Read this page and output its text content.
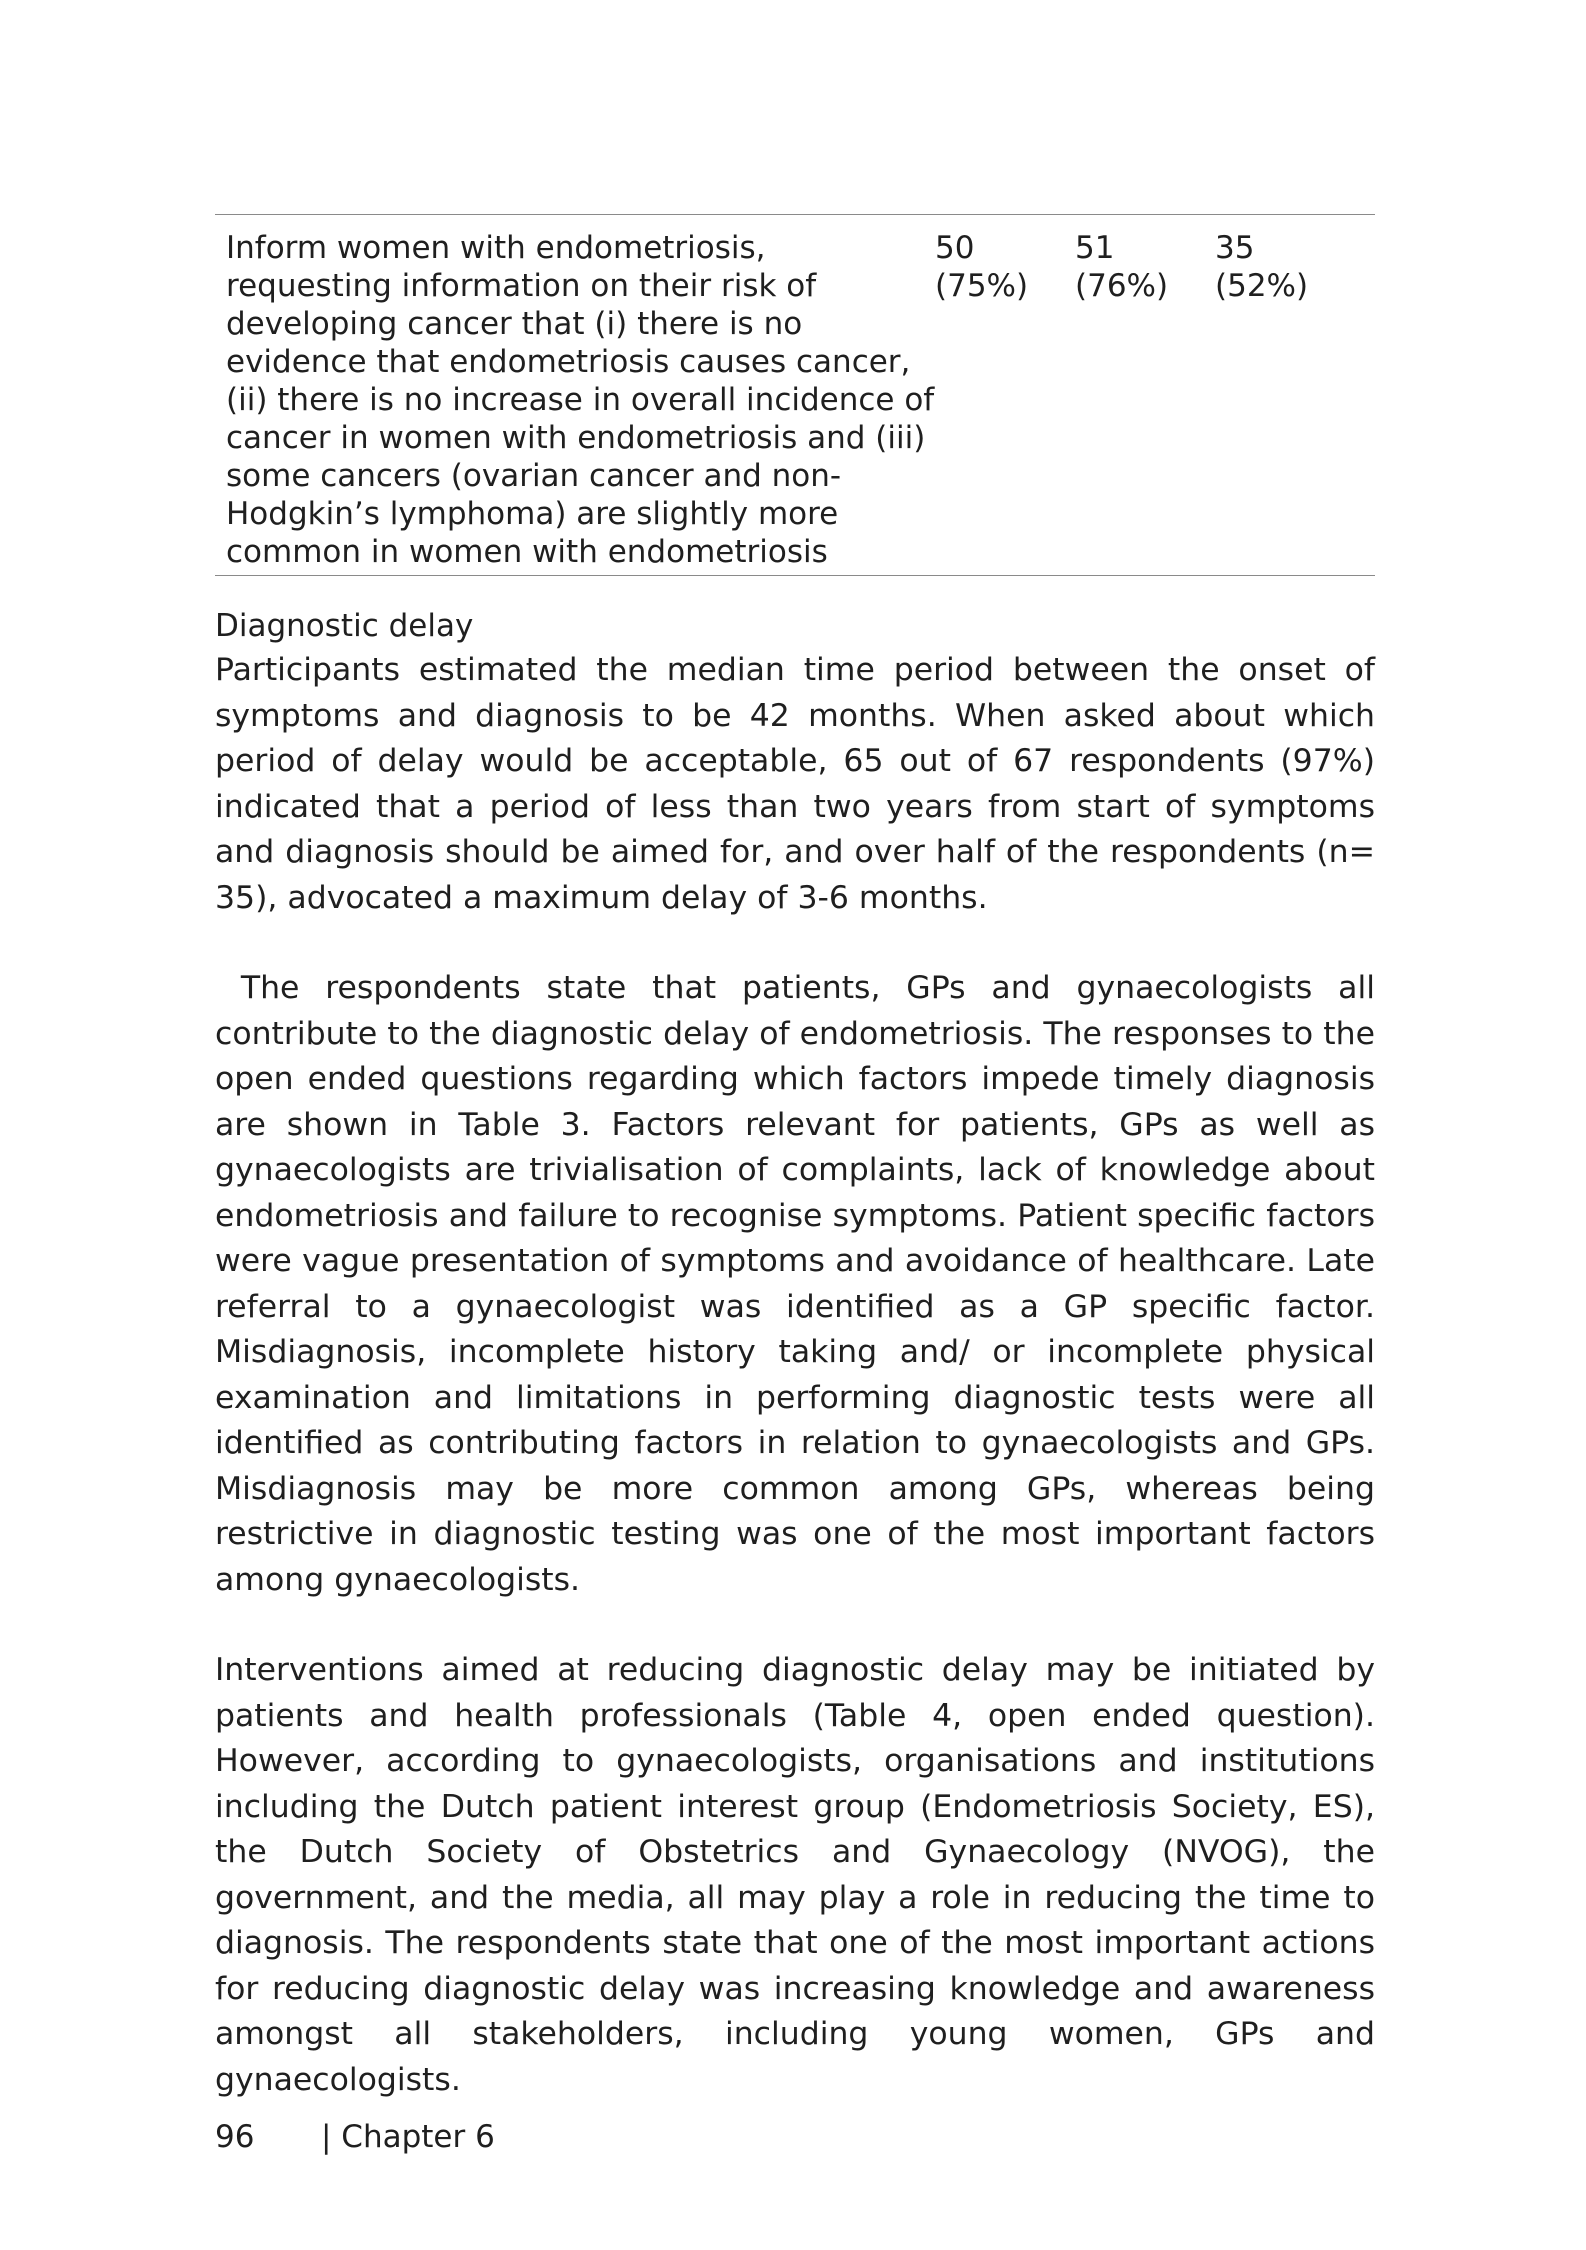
Inform women with endometriosis, requesting information on their risk of developing cancer that (i) there is no evidence that endometriosis causes cancer, (ii) there is no increase in overall incidence of cancer in women with endometriosis and (iii) some cancers (ovarian cancer and non-Hodgkin’s lymphoma) are slightly more common in women with endometriosis
50
(75%)
51
(76%)
35
(52%)
Diagnostic delay

Participants estimated the median time period between the onset of symptoms and diagnosis to be 42 months. When asked about which period of delay would be acceptable, 65 out of 67 respondents (97%) indicated that a period of less than two years from start of symptoms and diagnosis should be aimed for, and over half of the respondents (n= 35), advocated a maximum delay of 3-6 months.

The respondents state that patients, GPs and gynaecologists all contribute to the diagnostic delay of endometriosis. The responses to the open ended questions regarding which factors impede timely diagnosis are shown in Table 3. Factors relevant for patients, GPs as well as gynaecologists are trivialisation of complaints, lack of knowledge about endometriosis and failure to recognise symptoms. Patient specific factors were vague presentation of symptoms and avoidance of healthcare. Late referral to a gynaecologist was identified as a GP specific factor. Misdiagnosis, incomplete history taking and/ or incomplete physical examination and limitations in performing diagnostic tests were all identified as contributing factors in relation to gynaecologists and GPs. Misdiagnosis may be more common among GPs, whereas being restrictive in diagnostic testing was one of the most important factors among gynaecologists.

Interventions aimed at reducing diagnostic delay may be initiated by patients and health professionals (Table 4, open ended question). However, according to gynaecologists, organisations and institutions including the Dutch patient interest group (Endometriosis Society, ES), the Dutch Society of Obstetrics and Gynaecology (NVOG), the government, and the media, all may play a role in reducing the time to diagnosis. The respondents state that one of the most important actions for reducing diagnostic delay was increasing knowledge and awareness amongst all stakeholders, including young women, GPs and gynaecologists.

96	| Chapter 6
